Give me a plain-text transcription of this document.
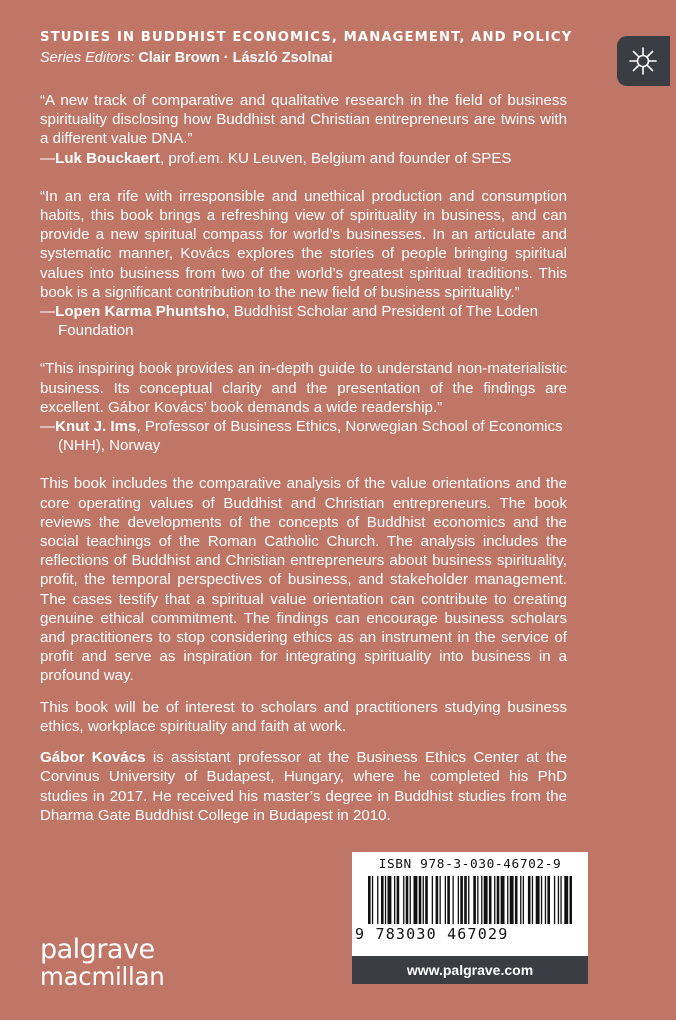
STUDIES IN BUDDHIST ECONOMICS, MANAGEMENT, AND POLICY
Series Editors: Clair Brown · László Zsolnai

“A new track of comparative and qualitative research in the field of business spirituality disclosing how Buddhist and Christian entrepreneurs are twins with a different value DNA.”

—Luk Bouckaert, prof.em. KU Leuven, Belgium and founder of SPES

“In an era rife with irresponsible and unethical production and consumption habits, this book brings a refreshing view of spirituality in business, and can provide a new spiritual compass for world’s businesses. In an articulate and systematic manner, Kovács explores the stories of people bringing spiritual values into business from two of the world’s greatest spiritual traditions. This book is a significant contribution to the new field of business spirituality.”

—Lopen Karma Phuntsho, Buddhist Scholar and President of The Loden Foundation

“This inspiring book provides an in-depth guide to understand non-materialistic business. Its conceptual clarity and the presentation of the findings are excellent. Gábor Kovács’ book demands a wide readership.”

—Knut J. Ims, Professor of Business Ethics, Norwegian School of Economics (NHH), Norway

This book includes the comparative analysis of the value orientations and the core operating values of Buddhist and Christian entrepreneurs. The book reviews the developments of the concepts of Buddhist economics and the social teachings of the Roman Catholic Church. The analysis includes the reflections of Buddhist and Christian entrepreneurs about business spirituality, profit, the temporal perspectives of business, and stakeholder management. The cases testify that a spiritual value orientation can contribute to creating genuine ethical commitment. The findings can encourage business scholars and practitioners to stop considering ethics as an instrument in the service of profit and serve as inspiration for integrating spirituality into business in a profound way.

This book will be of interest to scholars and practitioners studying business ethics, workplace spirituality and faith at work.

Gábor Kovács is assistant professor at the Business Ethics Center at the Corvinus University of Budapest, Hungary, where he completed his PhD studies in 2017. He received his master’s degree in Buddhist studies from the Dharma Gate Buddhist College in Budapest in 2010.

ISBN 978-3-030-46702-9
9 783030 467029
www.palgrave.com
palgrave
macmillan
